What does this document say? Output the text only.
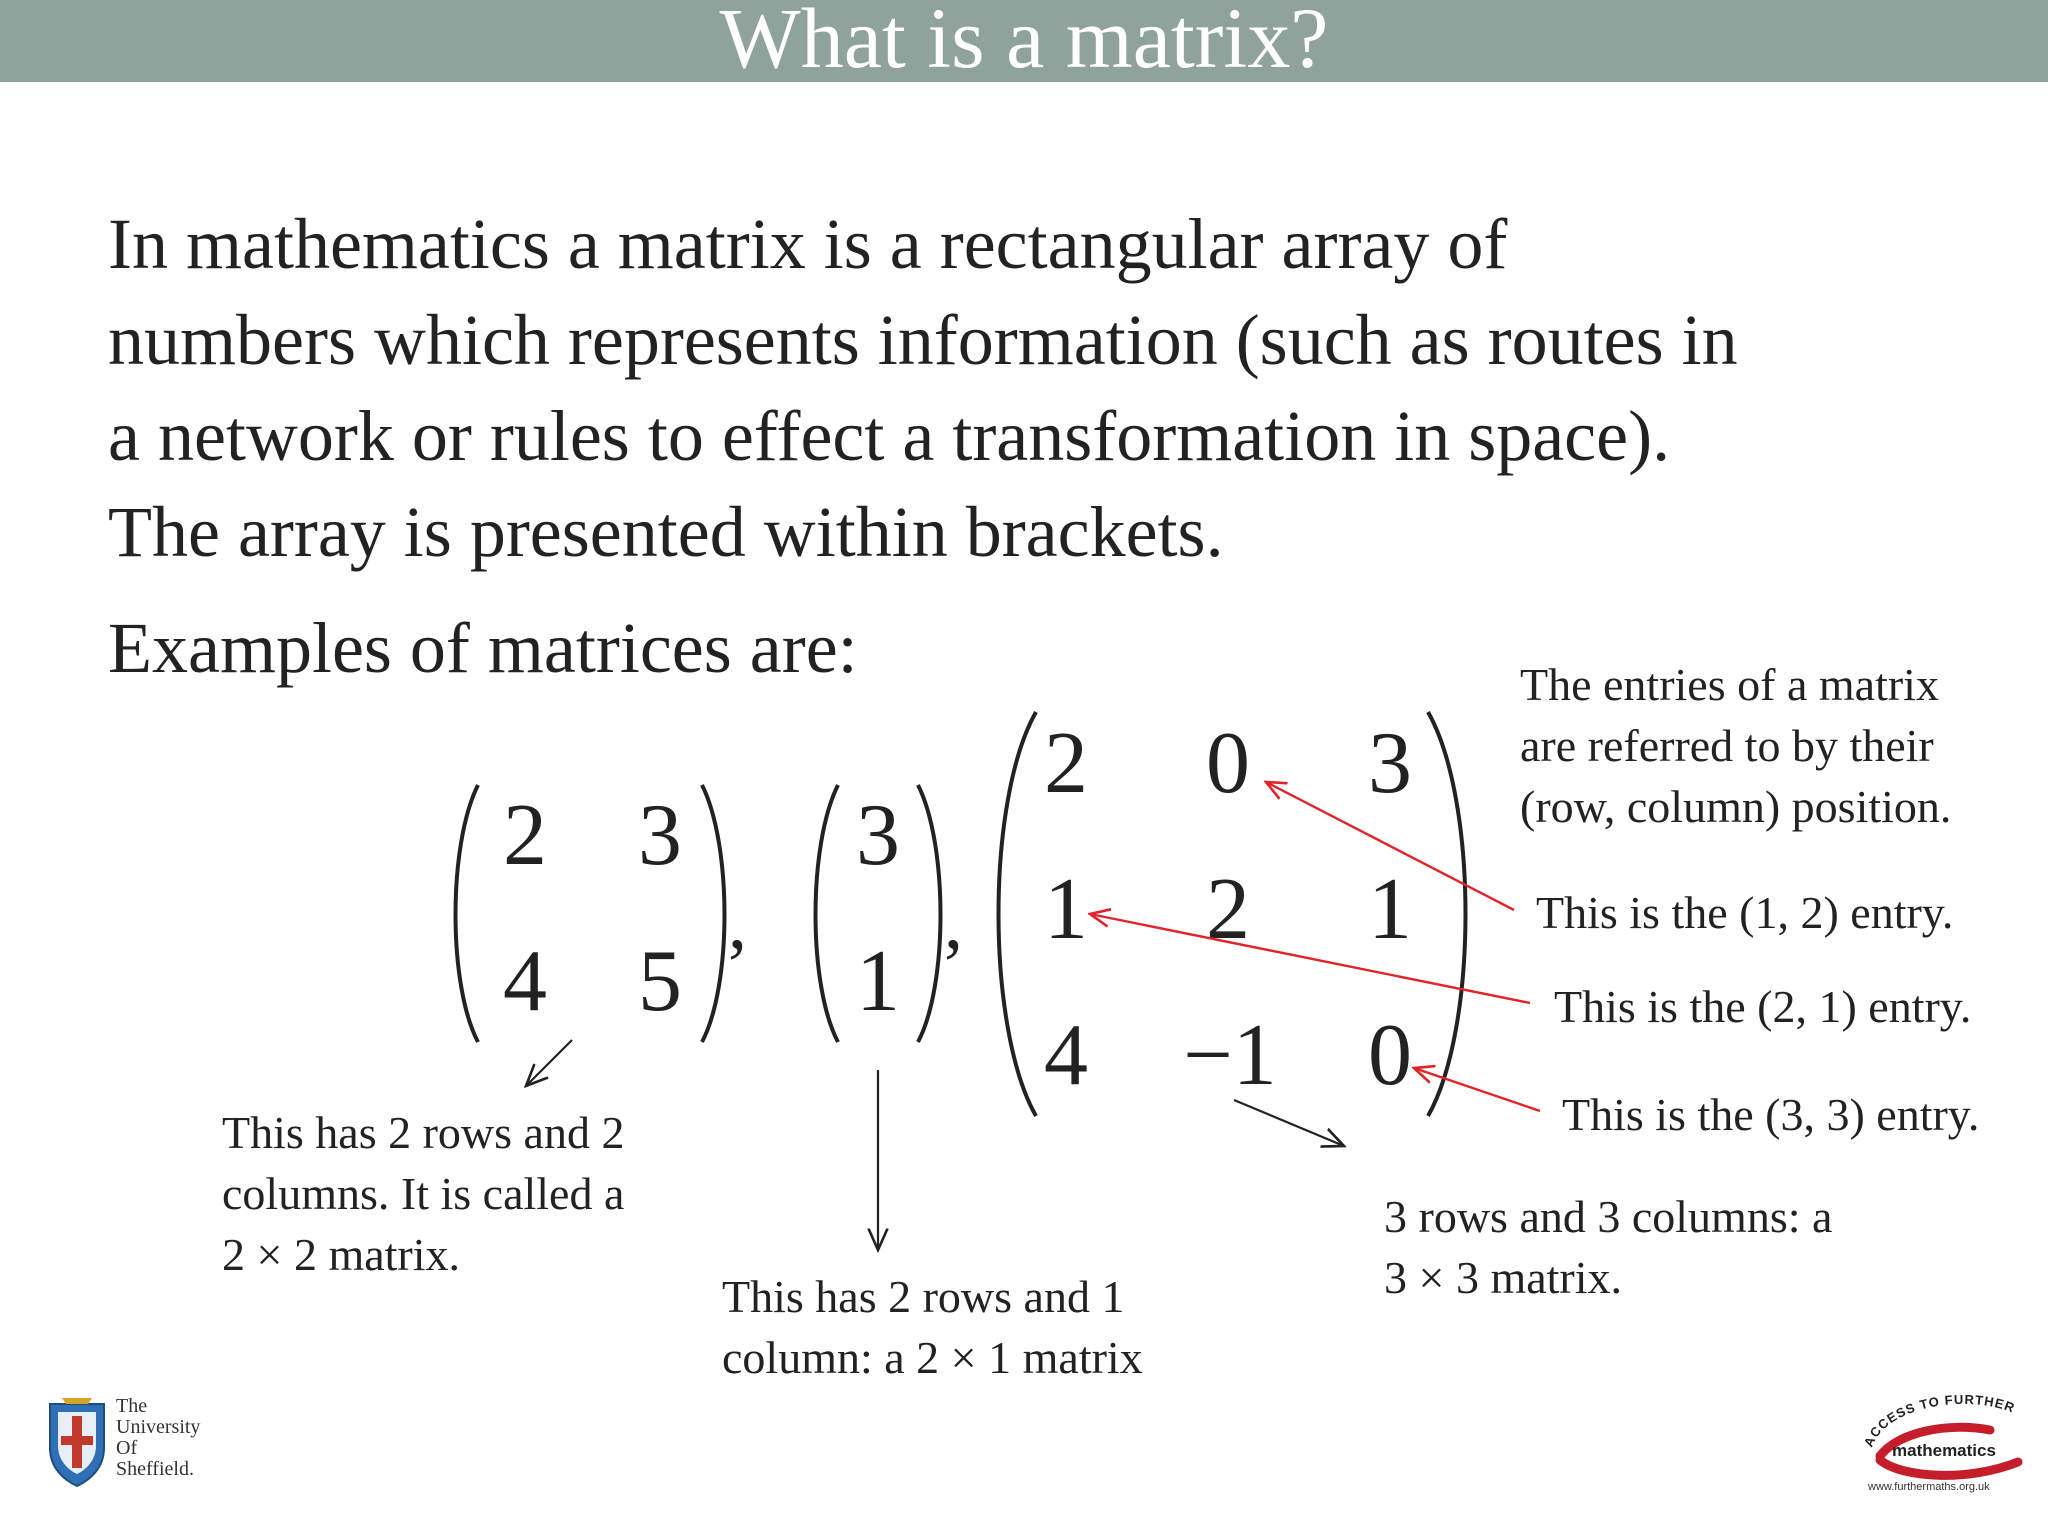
What is a matrix?
In mathematics a matrix is a rectangular array of
numbers which represents information (such as routes in
a network or rules to effect a transformation in space).
The array is presented within brackets.
Examples of matrices are:
2 3
4 5
,
3
1
,
2 0 3
1 2 1
4 −1 0
The entries of a matrix
are referred to by their
(row, column) position.
This is the (1, 2) entry.
This is the (2, 1) entry.
This is the (3, 3) entry.
This has 2 rows and 2
columns. It is called a
2 × 2 matrix.
This has 2 rows and 1
column: a 2 × 1 matrix
3 rows and 3 columns: a
3 × 3 matrix.
The
University
Of
Sheffield.
ACCESS TO FURTHER
mathematics
www.furthermaths.org.uk
